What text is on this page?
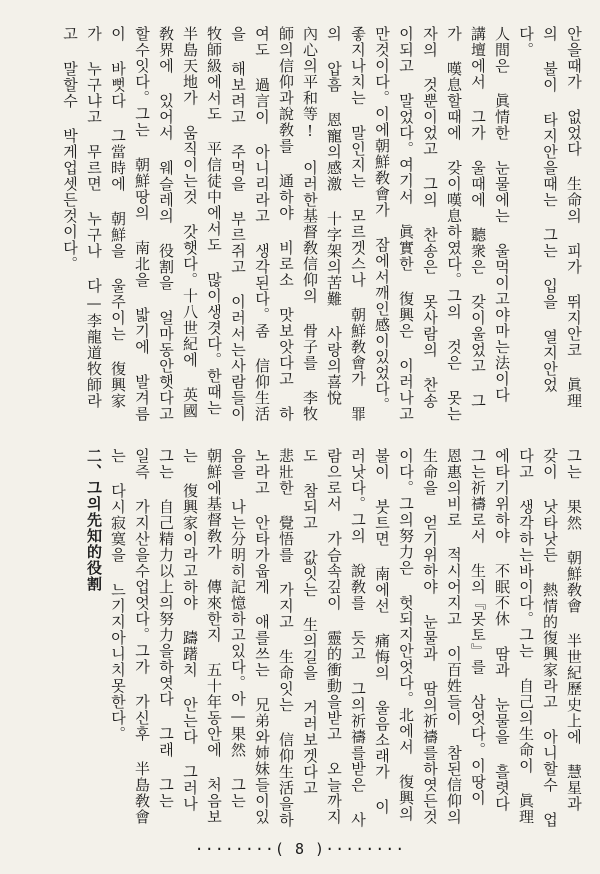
안을때가 없었다 生命의 피가 뛰지안코 眞理의 불이 타지안을때는 그는 입을 열지안었다。

人間은 眞情한 눈물에는 울먹이고야마는法이다 講壇에서 그가 울때에 聽衆은 갖이울었고 그가 嘆息할때에 갖이嘆息하였다。그의 것은 못는자의 것뿐이었고 그의 찬송은 못사람의 찬송이되고 말었다。여기서 眞實한 復興은 이러나고만것이다。이에朝鮮敎會가 잠에서깨인感이있었다。좋지나치는 말인지는 모르겟스나 朝鮮敎會가 罪의 압흠 恩寵의感激 十字架의苦難 사랑의喜悅 內心의平和等! 이러한基督敎信仰의 骨子를 李牧師의信仰과說敎를 通하야 비로소 맛보앗다고 하여도 過言이 아니리라고 생각된다。좀 信仰生活을 해보려고 주먹을 부르쥐고 이러서는사람들이 牧師級에서도 平信徒中에서도 많이생겻다。한때는 半島天地가 움직이는것 갓햇다。十八世紀에 英國敎界에 있어서 웨슬레의 役割을 얼마동안햇다고 할수잇다。그는 朝鮮땅의 南北을 밟기에 발겨름이 바뻣다 그當時에 朝鮮을 울주이는 復興家가 누구냐고 무르면 누구나 다—李龍道牧師라고 말할수 박게업셋든것이다。

그는 果然 朝鮮敎會 半世紀歷史上에 慧星과 갖이 낫타낫든 熱情的復興家라고 아니할수 업다고 생각하는바이다。그는 自己의生命이 眞理에타기위하야 不眠不休 땀과 눈물을 흘렷다 그는祈禱로서 生의『못토』를 삼엇다。이땅이 恩惠의비로 적시어지고 이百姓들이 참된信仰의 生命을 얻기위하야 눈물과 땀의祈禱를하엿든것이다。그의努力은 헛되지안엇다。北에서 復興의 불이 붓트면 南에선 痛悔의 울음소래가 이러낫다。그의 說敎를 듯고 그의祈禱를받은 사람으로서 가슴속깊이 靈的衝動을받고 오늘까지도 참되고 값잇는 生의길을 거러보겟다고 悲壯한 覺悟를 가지고 生命잇는 信仰生活을하노라고 안타가웁게 애를쓰는 兄弟와姉妹들이있음을 나는分明히記憶하고있다。아—果然 그는 朝鮮에基督敎가 傳來한지 五十年동안에 처음보는 復興家이라고하야 躊躇치 안는다 그러나 그는 自己精力以上의努力을하엿다 그래 그는 일즉 가지산을수업엇다。그가 가신후 半島敎會는 다시寂寞을 느기지아니치못한다。

二、그의先知的役割

········( 8 )········
